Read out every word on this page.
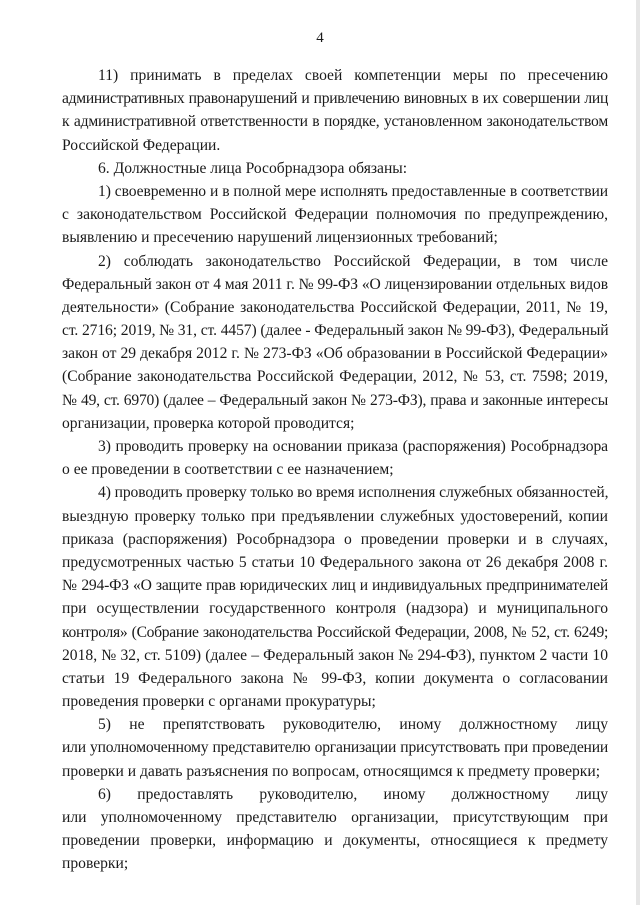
4
11) принимать в пределах своей компетенции меры по пресечению
административных правонарушений и привлечению виновных в их совершении лиц
к административной ответственности в порядке, установленном законодательством
Российской Федерации.
6. Должностные лица Рособрнадзора обязаны:
1) своевременно и в полной мере исполнять предоставленные в соответствии
с законодательством Российской Федерации полномочия по предупреждению,
выявлению и пресечению нарушений лицензионных требований;
2) соблюдать законодательство Российской Федерации, в том числе
Федеральный закон от 4 мая 2011 г. № 99-ФЗ «О лицензировании отдельных видов
деятельности» (Собрание законодательства Российской Федерации, 2011, № 19,
ст. 2716; 2019, № 31, ст. 4457) (далее - Федеральный закон № 99-ФЗ), Федеральный
закон от 29 декабря 2012 г. № 273-ФЗ «Об образовании в Российской Федерации»
(Собрание законодательства Российской Федерации, 2012, № 53, ст. 7598; 2019,
№ 49, ст. 6970) (далее – Федеральный закон № 273-ФЗ), права и законные интересы
организации, проверка которой проводится;
3) проводить проверку на основании приказа (распоряжения) Рособрнадзора
о ее проведении в соответствии с ее назначением;
4) проводить проверку только во время исполнения служебных обязанностей,
выездную проверку только при предъявлении служебных удостоверений, копии
приказа (распоряжения) Рособрнадзора о проведении проверки и в случаях,
предусмотренных частью 5 статьи 10 Федерального закона от 26 декабря 2008 г.
№ 294-ФЗ «О защите прав юридических лиц и индивидуальных предпринимателей
при осуществлении государственного контроля (надзора) и муниципального
контроля» (Собрание законодательства Российской Федерации, 2008, № 52, ст. 6249;
2018, № 32, ст. 5109) (далее – Федеральный закон № 294-ФЗ), пунктом 2 части 10
статьи 19 Федерального закона № 99-ФЗ, копии документа о согласовании
проведения проверки с органами прокуратуры;
5) не препятствовать руководителю, иному должностному лицу
или уполномоченному представителю организации присутствовать при проведении
проверки и давать разъяснения по вопросам, относящимся к предмету проверки;
6) предоставлять руководителю, иному должностному лицу
или уполномоченному представителю организации, присутствующим при
проведении проверки, информацию и документы, относящиеся к предмету
проверки;
